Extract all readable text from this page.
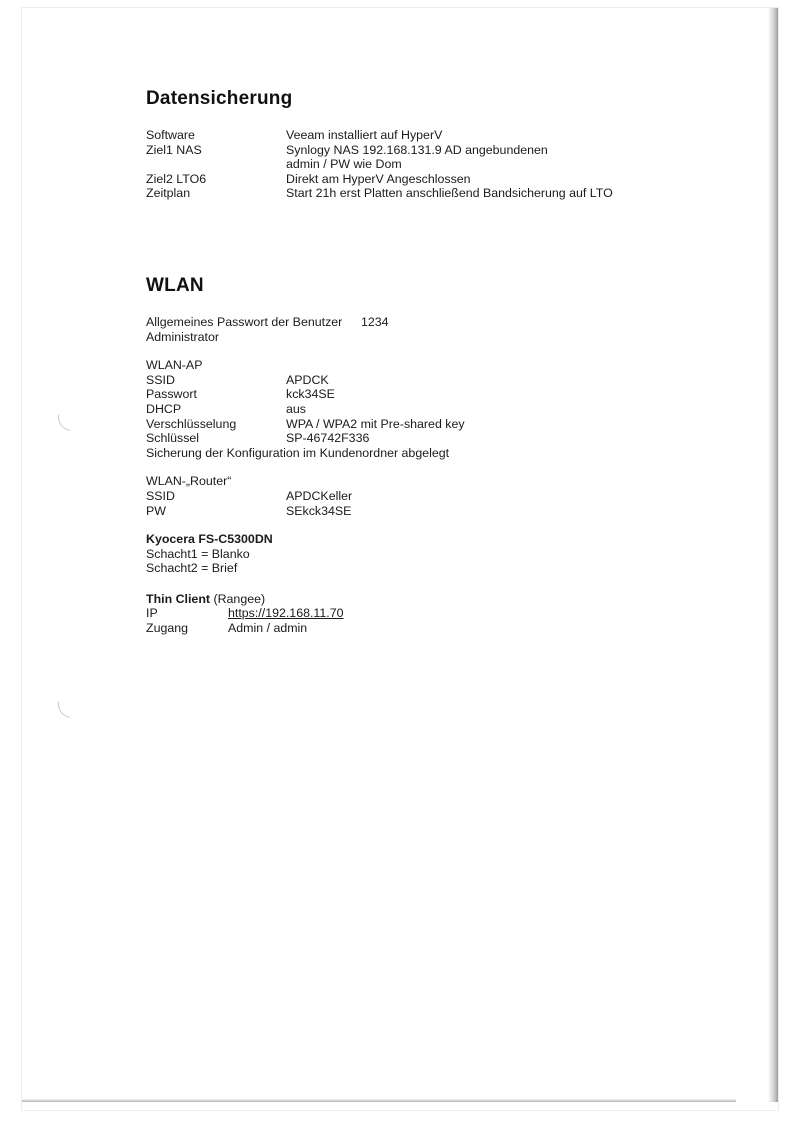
Datensicherung
Software	Veeam installiert auf HyperV
Ziel1 NAS	Synlogy NAS 192.168.131.9 AD angebundenen
admin / PW wie Dom
Ziel2 LTO6	Direkt am HyperV Angeschlossen
Zeitplan	Start 21h erst Platten anschließend Bandsicherung auf LTO
WLAN
Allgemeines Passwort der Benutzer	1234
Administrator
WLAN-AP
SSID	APDCK
Passwort	kck34SE
DHCP	aus
Verschlüsselung	WPA / WPA2 mit Pre-shared key
Schlüssel	SP-46742F336
Sicherung der Konfiguration im Kundenordner abgelegt
WLAN-„Router“
SSID	APDCKeller
PW	SEkck34SE
Kyocera FS-C5300DN
Schacht1 = Blanko
Schacht2 = Brief
Thin Client (Rangee)
IP	https://192.168.11.70
Zugang	Admin / admin
